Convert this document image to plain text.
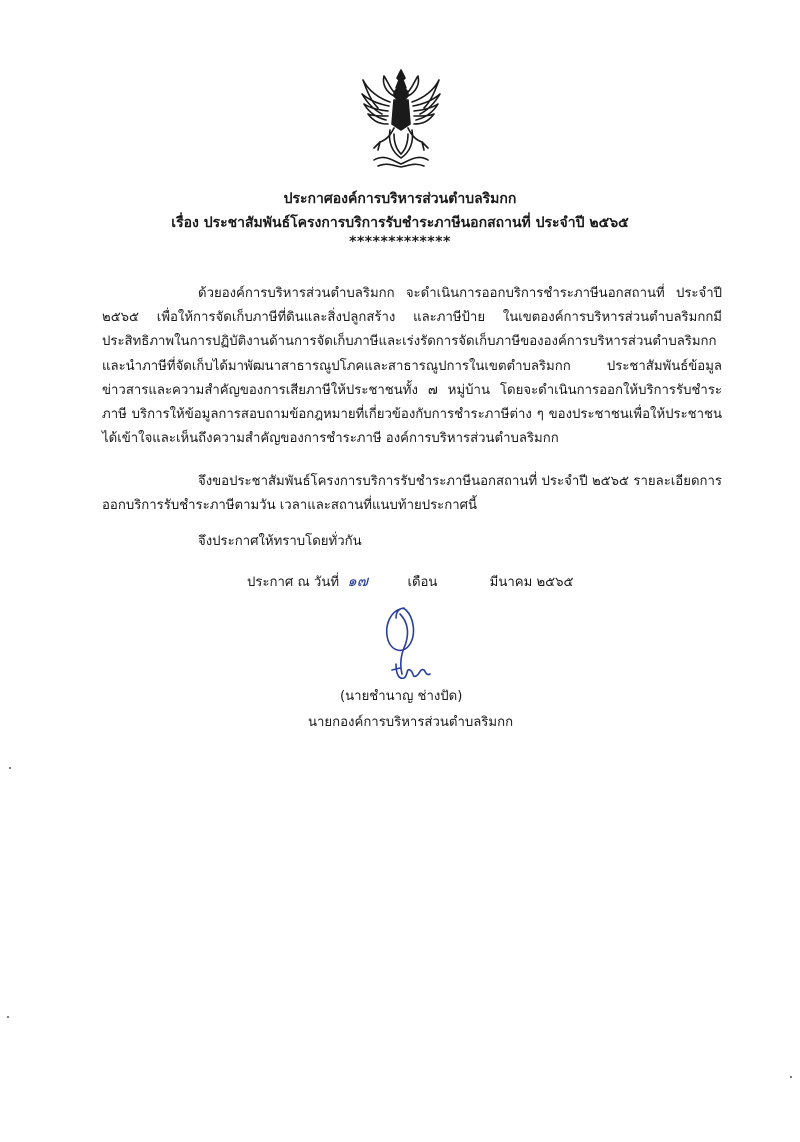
ประกาศองค์การบริหารส่วนตำบลริมกก
เรื่อง ประชาสัมพันธ์โครงการบริการรับชำระภาษีนอกสถานที่ ประจำปี ๒๕๖๕
*************
ด้วยองค์การบริหารส่วนตำบลริมกก จะดำเนินการออกบริการชำระภาษีนอกสถานที่ ประจำปี ๒๕๖๕ เพื่อให้การจัดเก็บภาษีที่ดินและสิ่งปลูกสร้าง และภาษีป้าย ในเขตองค์การบริหารส่วนตำบลริมกกมีประสิทธิภาพในการปฏิบัติงานด้านการจัดเก็บภาษีและเร่งรัดการจัดเก็บภาษีขององค์การบริหารส่วนตำบลริมกก และนำภาษีที่จัดเก็บได้มาพัฒนาสาธารณูปโภคและสาธารณูปการในเขตตำบลริมกก ประชาสัมพันธ์ข้อมูลข่าวสารและความสำคัญของการเสียภาษีให้ประชาชนทั้ง ๗ หมู่บ้าน โดยจะดำเนินการออกให้บริการรับชำระภาษี บริการให้ข้อมูลการสอบถามข้อกฎหมายที่เกี่ยวข้องกับการชำระภาษีต่าง ๆ ของประชาชนเพื่อให้ประชาชนได้เข้าใจและเห็นถึงความสำคัญของการชำระภาษี องค์การบริหารส่วนตำบลริมกก
จึงขอประชาสัมพันธ์โครงการบริการรับชำระภาษีนอกสถานที่ ประจำปี ๒๕๖๕ รายละเอียดการออกบริการรับชำระภาษีตามวัน เวลาและสถานที่แนบท้ายประกาศนี้
จึงประกาศให้ทราบโดยทั่วกัน
ประกาศ ณ วันที่ ๑๗	เดือน	มีนาคม ๒๕๖๕
(นายชำนาญ ช่างปัด)
นายกองค์การบริหารส่วนตำบลริมกก
